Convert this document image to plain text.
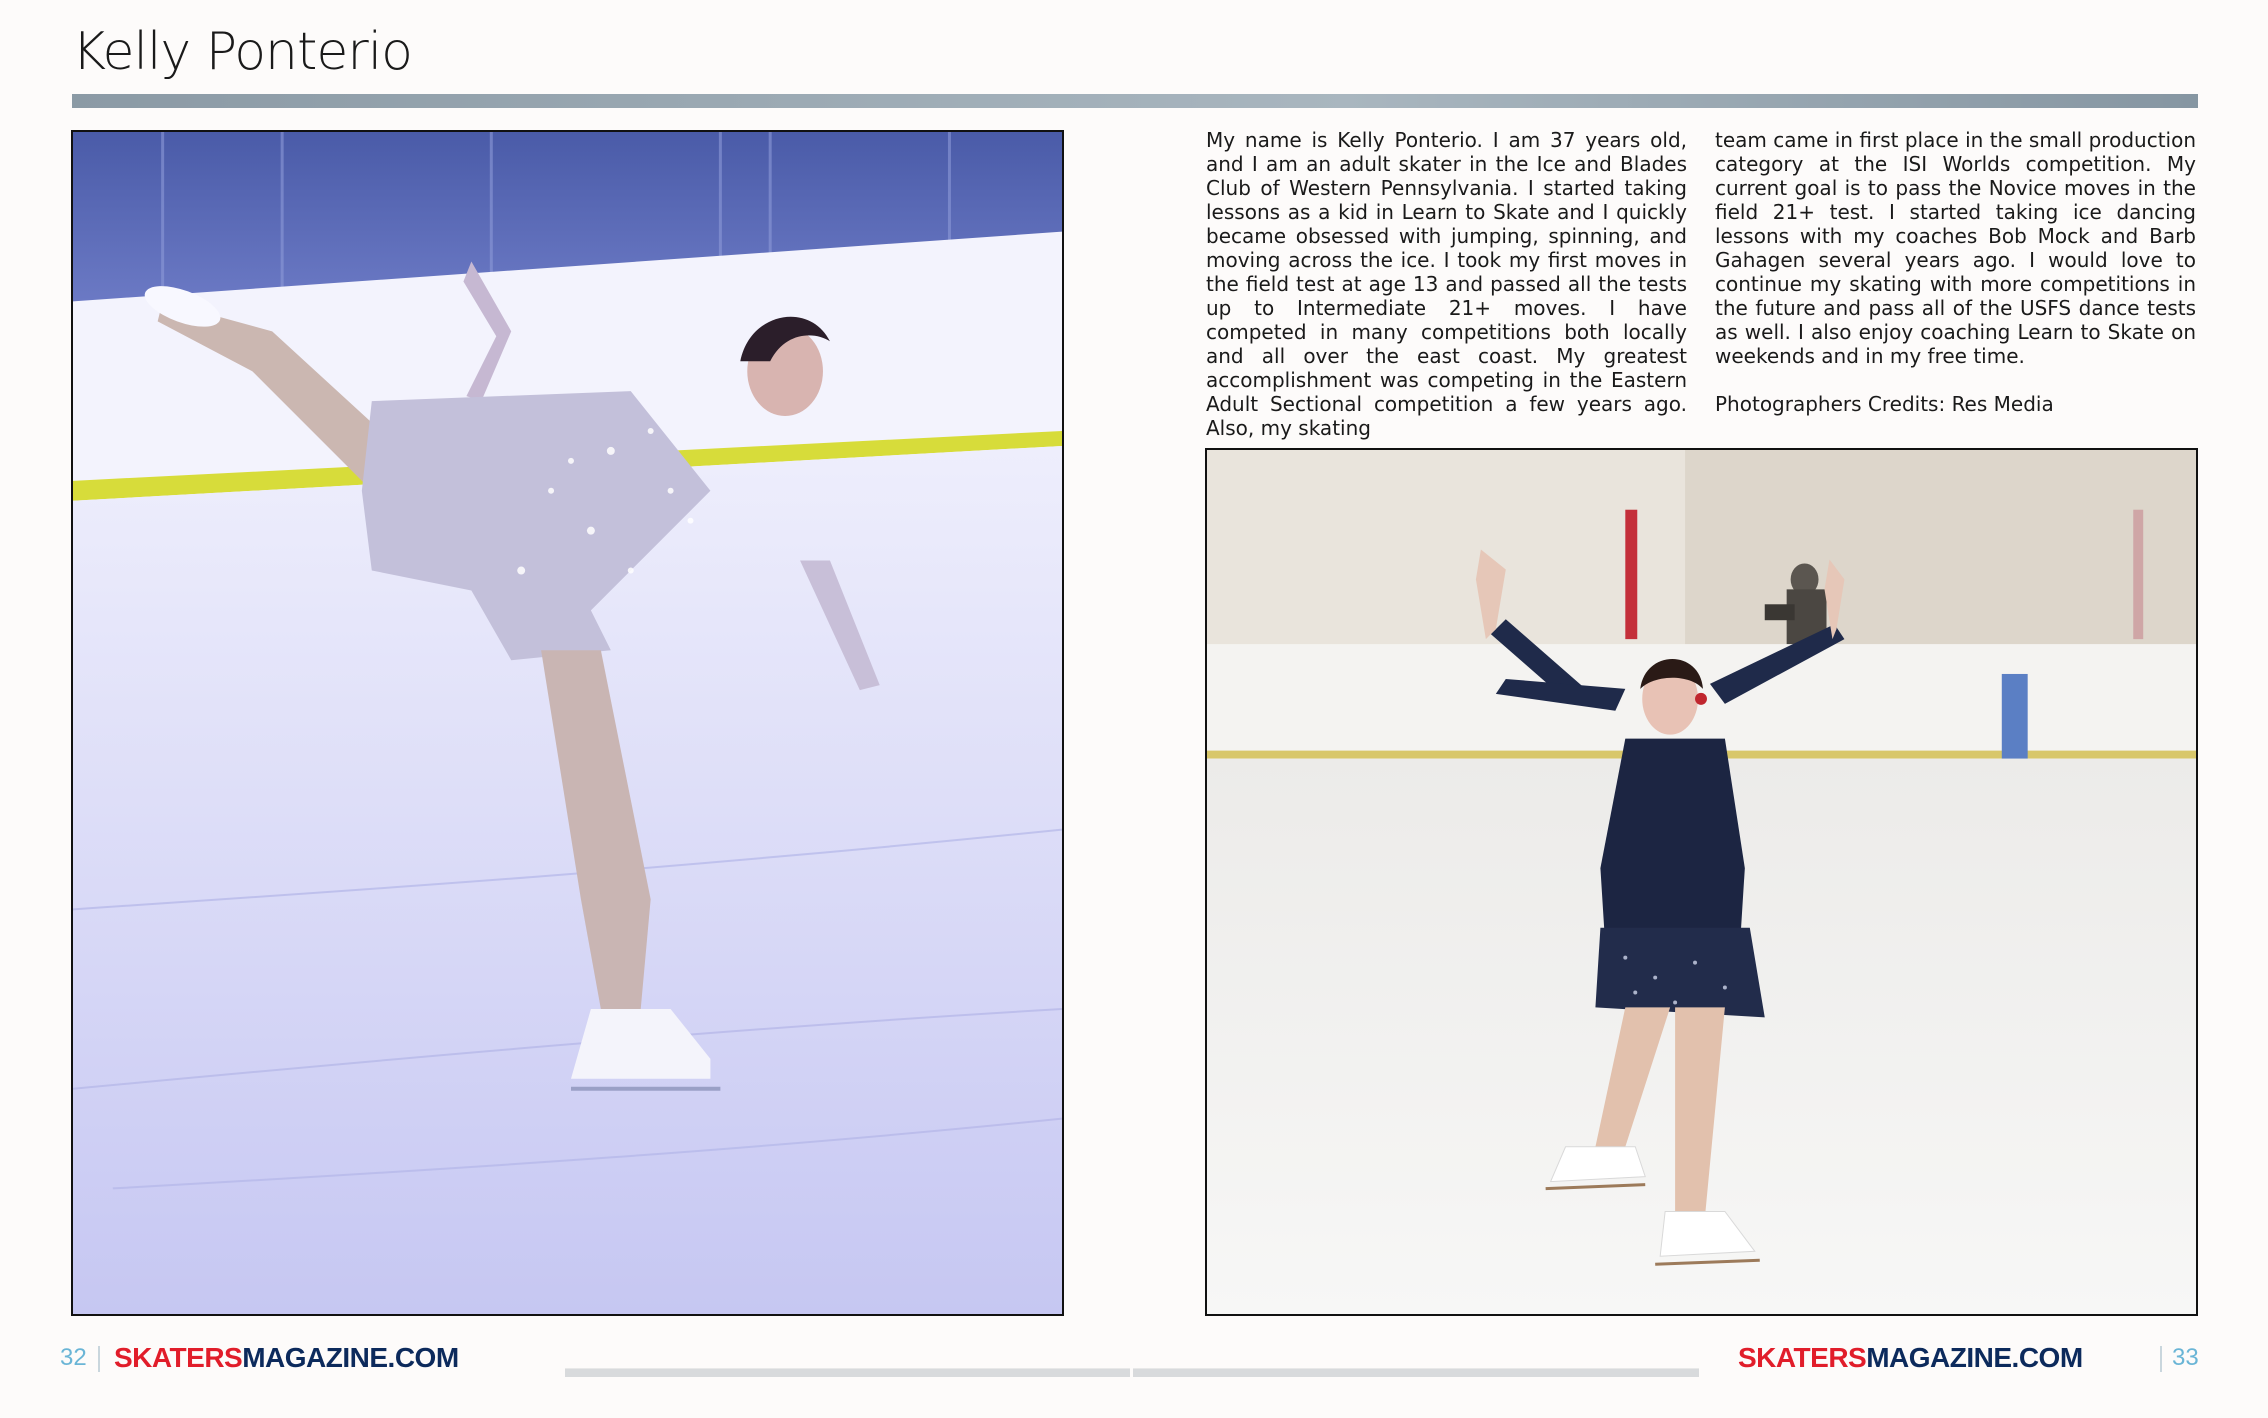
Kelly Ponterio

My name is Kelly Ponterio. I am 37 years old, and I am an adult skater in the Ice and Blades Club of Western Pennsylvania. I started taking lessons as a kid in Learn to Skate and I quickly became obsessed with jumping, spinning, and moving across the ice. I took my first moves in the field test at age 13 and passed all the tests up to Intermediate 21+ moves. I have competed in many competitions both locally and all over the east coast. My greatest accomplishment was competing in the Eastern Adult Sectional competition a few years ago. Also, my skating

team came in first place in the small production category at the ISI Worlds competition. My current goal is to pass the Novice moves in the field 21+ test. I started taking ice dancing lessons with my coaches Bob Mock and Barb Gahagen several years ago. I would love to continue my skating with more competitions in the future and pass all of the USFS dance tests as well. I also enjoy coaching Learn to Skate on weekends and in my free time.

Photographers Credits: Res Media

32 SKATERSMAGAZINE.COM	SKATERSMAGAZINE.COM	33
